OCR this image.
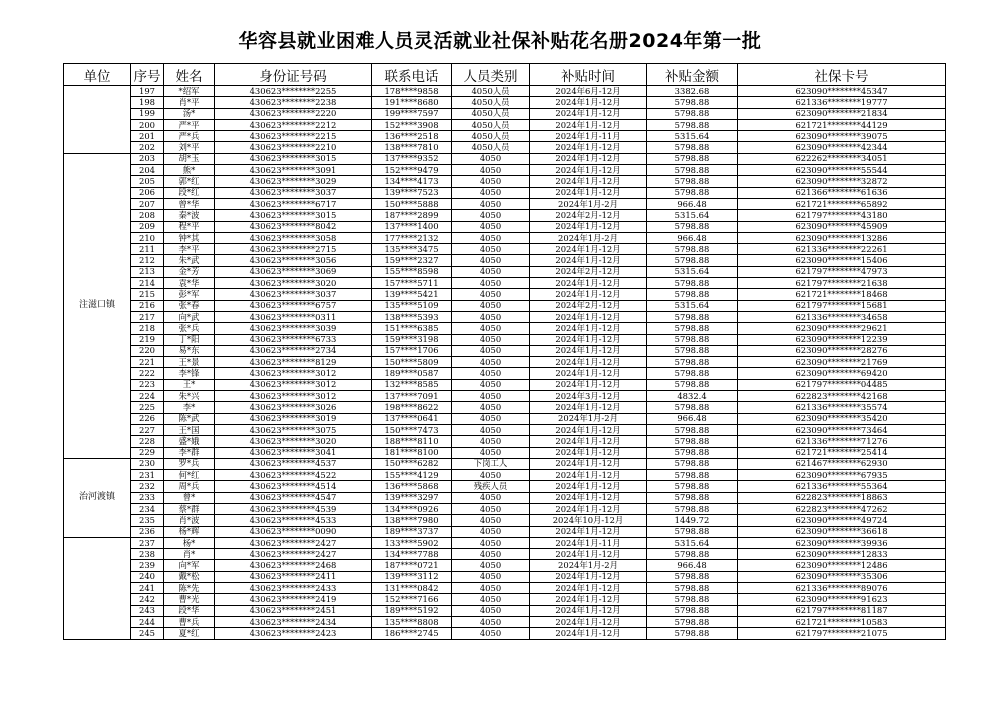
华容县就业困难人员灵活就业社保补贴花名册2024年第一批
单位	序号	姓名	身份证号码	联系电话	人员类别	补贴时间	补贴金额	社保卡号
	197	*绍军	430623********2255	178****9858	4050人员	2024年6月-12月	3382.68	623090********45347
	198	肖*平	430623********2238	191****8680	4050人员	2024年1月-12月	5798.88	621336********19777
	199	汤*	430623********2220	199****7597	4050人员	2024年1月-12月	5798.88	623090********21834
	200	严*平	430623********2212	152****3908	4050人员	2024年1月-12月	5798.88	621721********44129
	201	严*兵	430623********2215	136****2518	4050人员	2024年1月-11月	5315.64	623090********39075
	202	刘*平	430623********2210	138****7810	4050人员	2024年1月-12月	5798.88	623090********42344
注滋口镇	203	胡*玉	430623********3015	137****9352	4050	2024年1月-12月	5798.88	622262********34051
	204	熊*	430623********3091	152****9479	4050	2024年1月-12月	5798.88	623090********55544
	205	郭*红	430623********3029	134****4173	4050	2024年1月-12月	5798.88	623090********32872
	206	段*红	430623********3037	139****7523	4050	2024年1月-12月	5798.88	621366********61636
	207	曾*华	430623********6717	150****5888	4050	2024年1月-2月	966.48	621721********65892
	208	秦*波	430623********3015	187****2899	4050	2024年2月-12月	5315.64	621797********43180
	209	程*平	430623********8042	137****1400	4050	2024年1月-12月	5798.88	623090********45909
	210	钟*其	430623********3058	177****2132	4050	2024年1月-2月	966.48	623090********13286
	211	李*平	430623********2715	135****3475	4050	2024年1月-12月	5798.88	621336********22261
	212	朱*武	430623********3056	159****2327	4050	2024年1月-12月	5798.88	623090********15406
	213	金*芳	430623********3069	155****8598	4050	2024年2月-12月	5315.64	621797********47973
	214	袁*华	430623********3020	157****5711	4050	2024年1月-12月	5798.88	621797********21638
	215	彭*军	430623********3037	139****5421	4050	2024年1月-12月	5798.88	621721********18468
	216	张*春	430623********6757	135****5109	4050	2024年2月-12月	5315.64	621797********15681
	217	向*武	430623********0311	138****5393	4050	2024年1月-12月	5798.88	621336********34658
	218	张*兵	430623********3039	151****6385	4050	2024年1月-12月	5798.88	623090********29621
	219	丁*阳	430623********6733	159****3198	4050	2024年1月-12月	5798.88	623090********12239
	220	易*东	430623********2734	157****1706	4050	2024年1月-12月	5798.88	623090********28276
	221	王*景	430623********8129	150****5809	4050	2024年1月-12月	5798.88	623090********21769
	222	李*锋	430623********3012	189****0587	4050	2024年1月-12月	5798.88	623090********69420
	223	王*	430623********3012	132****8585	4050	2024年1月-12月	5798.88	621797********04485
	224	朱*兴	430623********3012	137****7091	4050	2024年3月-12月	4832.4	622823********42168
	225	李*	430623********3026	198****8622	4050	2024年1月-12月	5798.88	621336********35574
	226	陈*武	430623********3019	137****0641	4050	2024年1月-2月	966.48	623090********35420
	227	王*国	430623********3075	150****7473	4050	2024年1月-12月	5798.88	623090********73464
	228	盛*娥	430623********3020	188****8110	4050	2024年1月-12月	5798.88	621336********71276
	229	李*群	430623********3041	181****8100	4050	2024年1月-12月	5798.88	621721********25414
治河渡镇	230	罗*兵	430623********4537	150****6282	下岗工人	2024年1月-12月	5798.88	621467********62930
	231	何*红	430623********4522	155****4129	4050	2024年1月-12月	5798.88	623090********67935
	232	周*兵	430623********4514	136****5868	残疾人员	2024年1月-12月	5798.88	621336********55364
	233	曾*	430623********4547	139****3297	4050	2024年1月-12月	5798.88	622823********18863
	234	蔡*群	430623********4539	134****0926	4050	2024年1月-12月	5798.88	622823********47262
	235	肖*波	430623********4533	138****7980	4050	2024年10月-12月	1449.72	623090********49724
	236	杨*辉	430623********0090	189****3737	4050	2024年1月-12月	5798.88	623090********36618
	237	杨*	430623********2427	133****5902	4050	2024年1月-11月	5315.64	623090********39936
	238	肖*	430623********2427	134****7788	4050	2024年1月-12月	5798.88	623090********12833
	239	向*军	430623********2468	187****0721	4050	2024年1月-2月	966.48	623090********12486
	240	戴*松	430623********2411	139****3112	4050	2024年1月-12月	5798.88	623090********35306
	241	陈*先	430623********2433	131****0842	4050	2024年1月-12月	5798.88	621336********89076
	242	曹*光	430623********2419	152****7166	4050	2024年1月-12月	5798.88	623090********91623
	243	段*华	430623********2451	189****5192	4050	2024年1月-12月	5798.88	621797********81187
	244	曹*兵	430623********2434	135****8808	4050	2024年1月-12月	5798.88	621721********10583
	245	夏*红	430623********2423	186****2745	4050	2024年1月-12月	5798.88	621797********21075
